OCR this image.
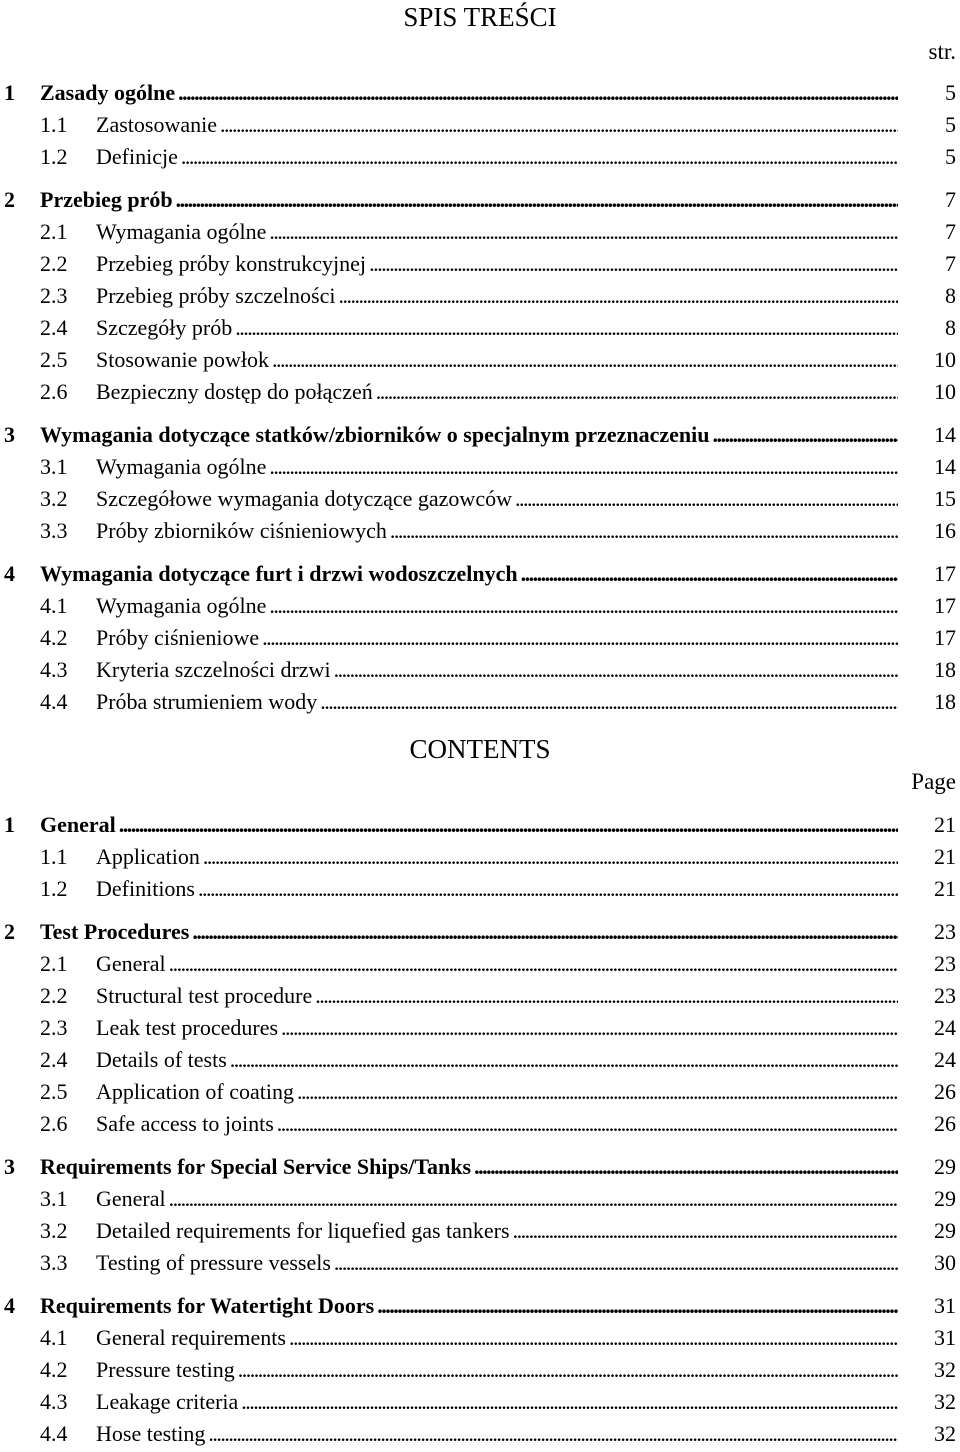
SPIS TREŚCI
str.
1 Zasady ogólne . . .	5
1.1 Zastosowanie . . .	5
1.2 Definicje . . .	5
2 Przebieg prób . . .	7
2.1 Wymagania ogólne . . .	7
2.2 Przebieg próby konstrukcyjnej . . .	7
2.3 Przebieg próby szczelności . . .	8
2.4 Szczegóły prób . . .	8
2.5 Stosowanie powłok . . .	10
2.6 Bezpieczny dostęp do połączeń . . .	10
3 Wymagania dotyczące statków/zbiorników o specjalnym przeznaczeniu . . .	14
3.1 Wymagania ogólne . . .	14
3.2 Szczegółowe wymagania dotyczące gazowców . . .	15
3.3 Próby zbiorników ciśnieniowych . . .	16
4 Wymagania dotyczące furt i drzwi wodoszczelnych . . .	17
4.1 Wymagania ogólne . . .	17
4.2 Próby ciśnieniowe . . .	17
4.3 Kryteria szczelności drzwi . . .	18
4.4 Próba strumieniem wody . . .	18
CONTENTS
Page
1 General . . .	21
1.1 Application . . .	21
1.2 Definitions . . .	21
2 Test Procedures . . .	23
2.1 General . . .	23
2.2 Structural test procedure . . .	23
2.3 Leak test procedures . . .	24
2.4 Details of tests . . .	24
2.5 Application of coating . . .	26
2.6 Safe access to joints . . .	26
3 Requirements for Special Service Ships/Tanks . . .	29
3.1 General . . .	29
3.2 Detailed requirements for liquefied gas tankers . . .	29
3.3 Testing of pressure vessels . . .	30
4 Requirements for Watertight Doors . . .	31
4.1 General requirements . . .	31
4.2 Pressure testing . . .	32
4.3 Leakage criteria . . .	32
4.4 Hose testing . . .	32
